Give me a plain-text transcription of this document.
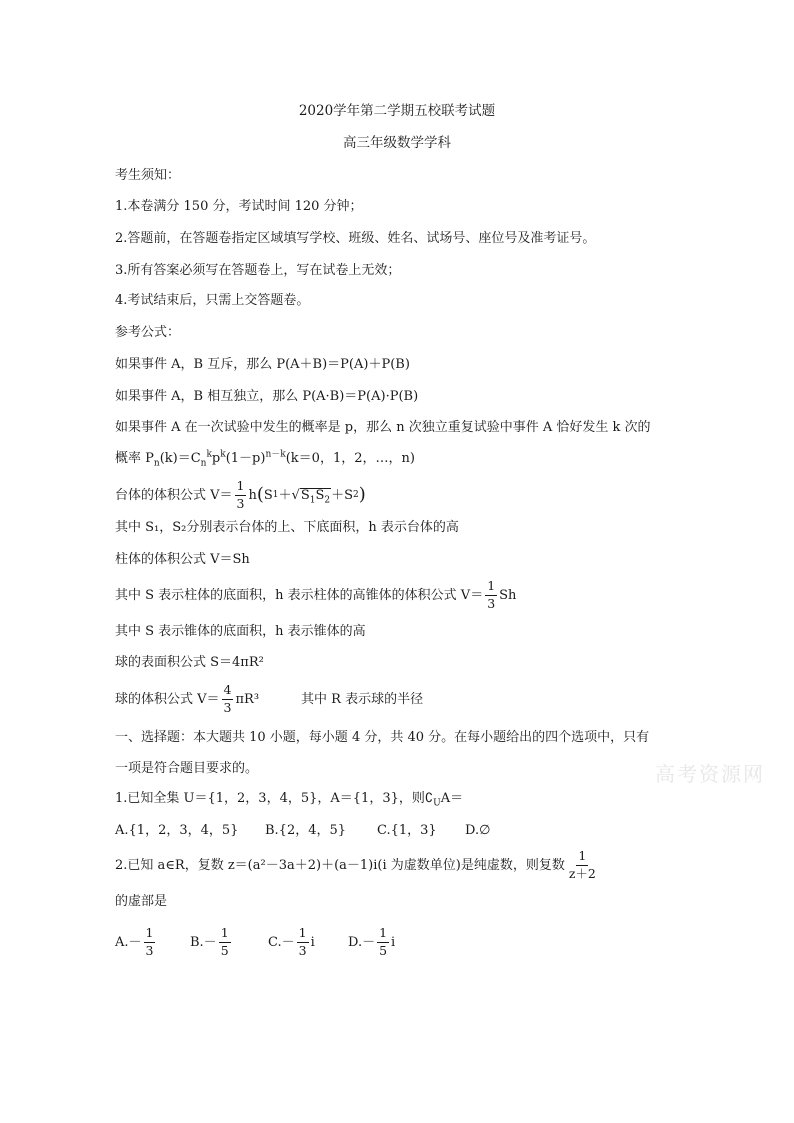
2020学年第二学期五校联考试题
高三年级数学学科
考生须知：
1.本卷满分 150 分，考试时间 120 分钟；
2.答题前，在答题卷指定区域填写学校、班级、姓名、试场号、座位号及准考证号。
3.所有答案必须写在答题卷上，写在试卷上无效；
4.考试结束后，只需上交答题卷。
参考公式：
如果事件 A，B 互斥，那么 P(A＋B)＝P(A)＋P(B)
如果事件 A，B 相互独立，那么 P(A·B)＝P(A)·P(B)
如果事件 A 在一次试验中发生的概率是 p，那么 n 次独立重复试验中事件 A 恰好发生 k 次的
概率 $P_n(k)=C_n^kp^k(1-p)^{n-k}(k=0$，1，2，…，n)
台体的体积公式 $V= \frac{1}{3}$ h ( S 1 ＋ √ $S_1S_2 +S$ 2 )
其中 S₁，S₂分别表示台体的上、下底面积，h 表示台体的高
柱体的体积公式 V＝Sh
其中 S 表示柱体的底面积，h 表示柱体的高锥体的体积公式 $V= \frac{1}{3}$ Sh
其中 S 表示锥体的底面积，h 表示锥体的高
球的表面积公式 S＝4πR²
球的体积公式 $V= \frac{4}{3} \pi R^3$	其中 R 表示球的半径
一、选择题：本大题共 10 小题，每小题 4 分，共 40 分。在每小题给出的四个选项中，只有
一项是符合题目要求的。	高考资源网
1.已知全集 U＝{1，2，3，4，5}，A＝{1，3}，则$∁_UA=$
A.{1，2，3，4，5} B.{2，4，5} C.{1，3} D.∅
2.已知 a∈R，复数 z＝(a²－3a＋2)＋(a－1)i(i 为虚数单位)是纯虚数，则复数 $\frac{1}{z+2}$
的虚部是
$A.- \frac{1}{3}$	$B.- \frac{1}{5}$	$C.- \frac{1}{3}$ i	$D.- \frac{1}{5}$ i
